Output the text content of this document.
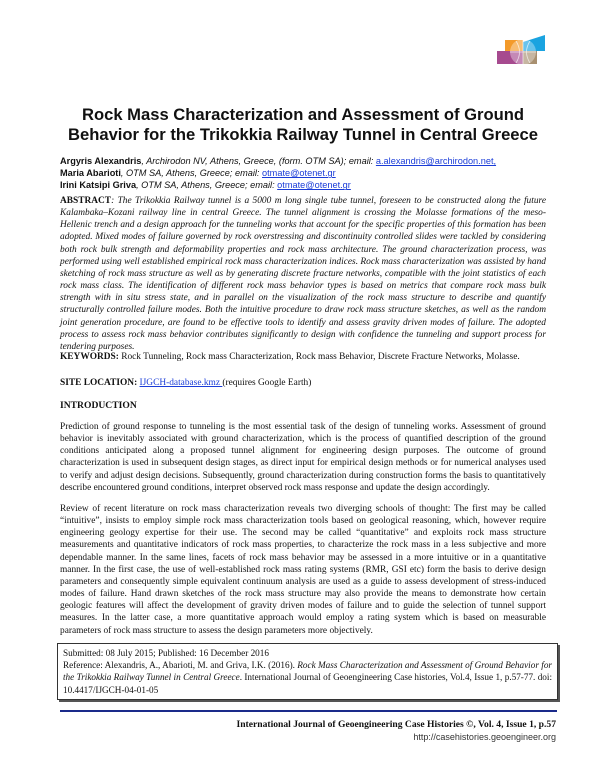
Rock Mass Characterization and Assessment of Ground Behavior for the Trikokkia Railway Tunnel in Central Greece
Argyris Alexandris, Archirodon NV, Athens, Greece, (form. OTM SA); email: a.alexandris@archirodon.net,
Maria Abarioti, OTM SA, Athens, Greece; email: otmate@otenet.gr
Irini Katsipi Griva, OTM SA, Athens, Greece; email: otmate@otenet.gr
ABSTRACT: The Trikokkia Railway tunnel is a 5000 m long single tube tunnel, foreseen to be constructed along the future Kalambaka–Kozani railway line in central Greece. The tunnel alignment is crossing the Molasse formations of the meso-Hellenic trench and a design approach for the tunneling works that account for the specific properties of this formation has been adopted. Mixed modes of failure governed by rock overstressing and discontinuity controlled slides were tackled by considering both rock bulk strength and deformability properties and rock mass architecture. The ground characterization process, was performed using well established empirical rock mass characterization indices. Rock mass characterization was assisted by hand sketching of rock mass structure as well as by generating discrete fracture networks, compatible with the joint statistics of each rock mass class. The identification of different rock mass behavior types is based on metrics that compare rock mass bulk strength with in situ stress state, and in parallel on the visualization of the rock mass structure to describe and quantify structurally controlled failure modes. Both the intuitive procedure to draw rock mass structure sketches, as well as the random joint generation procedure, are found to be effective tools to identify and assess gravity driven modes of failure. The adopted process to assess rock mass behavior contributes significantly to design with confidence the tunneling and support process for tendering purposes.
KEYWORDS: Rock Tunneling, Rock mass Characterization, Rock mass Behavior, Discrete Fracture Networks, Molasse.
SITE LOCATION: IJGCH-database.kmz (requires Google Earth)
INTRODUCTION
Prediction of ground response to tunneling is the most essential task of the design of tunneling works. Assessment of ground behavior is inevitably associated with ground characterization, which is the process of quantified description of the ground conditions anticipated along a proposed tunnel alignment for engineering design purposes. The outcome of ground characterization is used in subsequent design stages, as direct input for empirical design methods or for numerical analyses used to verify and adjust design decisions. Subsequently, ground characterization during construction forms the basis to quantitatively describe encountered ground conditions, interpret observed rock mass response and update the design accordingly.
Review of recent literature on rock mass characterization reveals two diverging schools of thought: The first may be called “intuitive”, insists to employ simple rock mass characterization tools based on geological reasoning, which, however require engineering geology expertise for their use. The second may be called “quantitative” and exploits rock mass structure measurements and quantitative indicators of rock mass properties, to characterize the rock mass in a less subjective and more dependable manner. In the same lines, facets of rock mass behavior may be assessed in a more intuitive or in a quantitative manner. In the first case, the use of well-established rock mass rating systems (RMR, GSI etc) form the basis to derive design parameters and consequently simple equivalent continuum analysis are used as a guide to assess development of stress-induced modes of failure. Hand drawn sketches of the rock mass structure may also provide the means to demonstrate how certain geologic features will affect the development of gravity driven modes of failure and to guide the selection of tunnel support measures. In the latter case, a more quantitative approach would employ a rating system which is based on measurable parameters of rock mass structure to assess the design parameters more objectively.
Submitted: 08 July 2015; Published: 16 December 2016
Reference: Alexandris, A., Abarioti, M. and Griva, I.K. (2016). Rock Mass Characterization and Assessment of Ground Behavior for the Trikokkia Railway Tunnel in Central Greece. International Journal of Geoengineering Case histories, Vol.4, Issue 1, p.57-77. doi: 10.4417/IJGCH-04-01-05
International Journal of Geoengineering Case Histories ©, Vol. 4, Issue 1, p.57
http://casehistories.geoengineer.org
